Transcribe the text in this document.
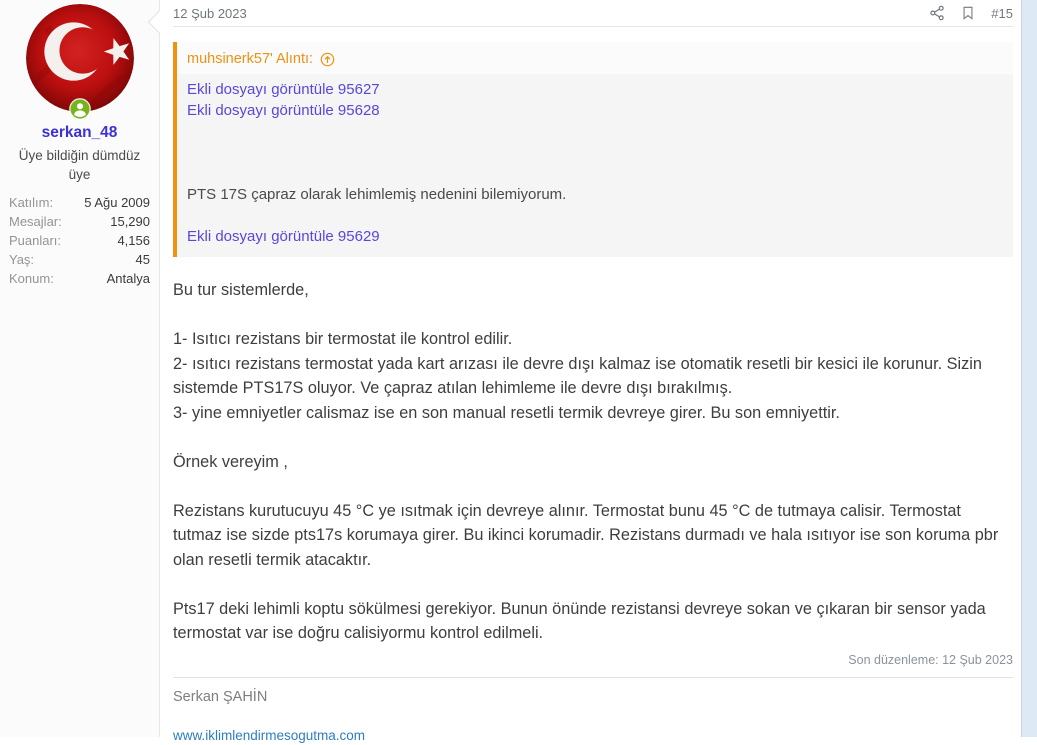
serkan_48
Üye bildiğin dümdüz üye
Katılım: 5 Ağu 2009
Mesajlar:	15,290
Puanları:	4,156
Yaş:	45
Konum:	Antalya
12 Şub 2023	#15
muhsinerk57' Alıntı:
Ekli dosyayı görüntüle 95627
Ekli dosyayı görüntüle 95628
PTS 17S çapraz olarak lehimlemiş nedenini bilemiyorum.
Ekli dosyayı görüntüle 95629
Bu tur sistemlerde,
1- Isıtıcı rezistans bir termostat ile kontrol edilir.
2- ısıtıcı rezistans termostat yada kart arızası ile devre dışı kalmaz ise otomatik resetli bir kesici ile korunur. Sizin sistemde PTS17S oluyor. Ve çapraz atılan lehimleme ile devre dışı bırakılmış.
3- yine emniyetler calismaz ise en son manual resetli termik devreye girer. Bu son emniyettir.
Örnek vereyim ,
Rezistans kurutucuyu 45 °C ye ısıtmak için devreye alınır. Termostat bunu 45 °C de tutmaya calisir. Termostat tutmaz ise sizde pts17s korumaya girer. Bu ikinci korumadir. Rezistans durmadı ve hala ısıtıyor ise son koruma pbr olan resetli termik atacaktır.
Pts17 deki lehimli koptu sökülmesi gerekiyor. Bunun önünde rezistansi devreye sokan ve çıkaran bir sensor yada termostat var ise doğru calisiyormu kontrol edilmeli.
Son düzenleme: 12 Şub 2023
Serkan ŞAHİN
www.iklimlendirmesogutma.com
